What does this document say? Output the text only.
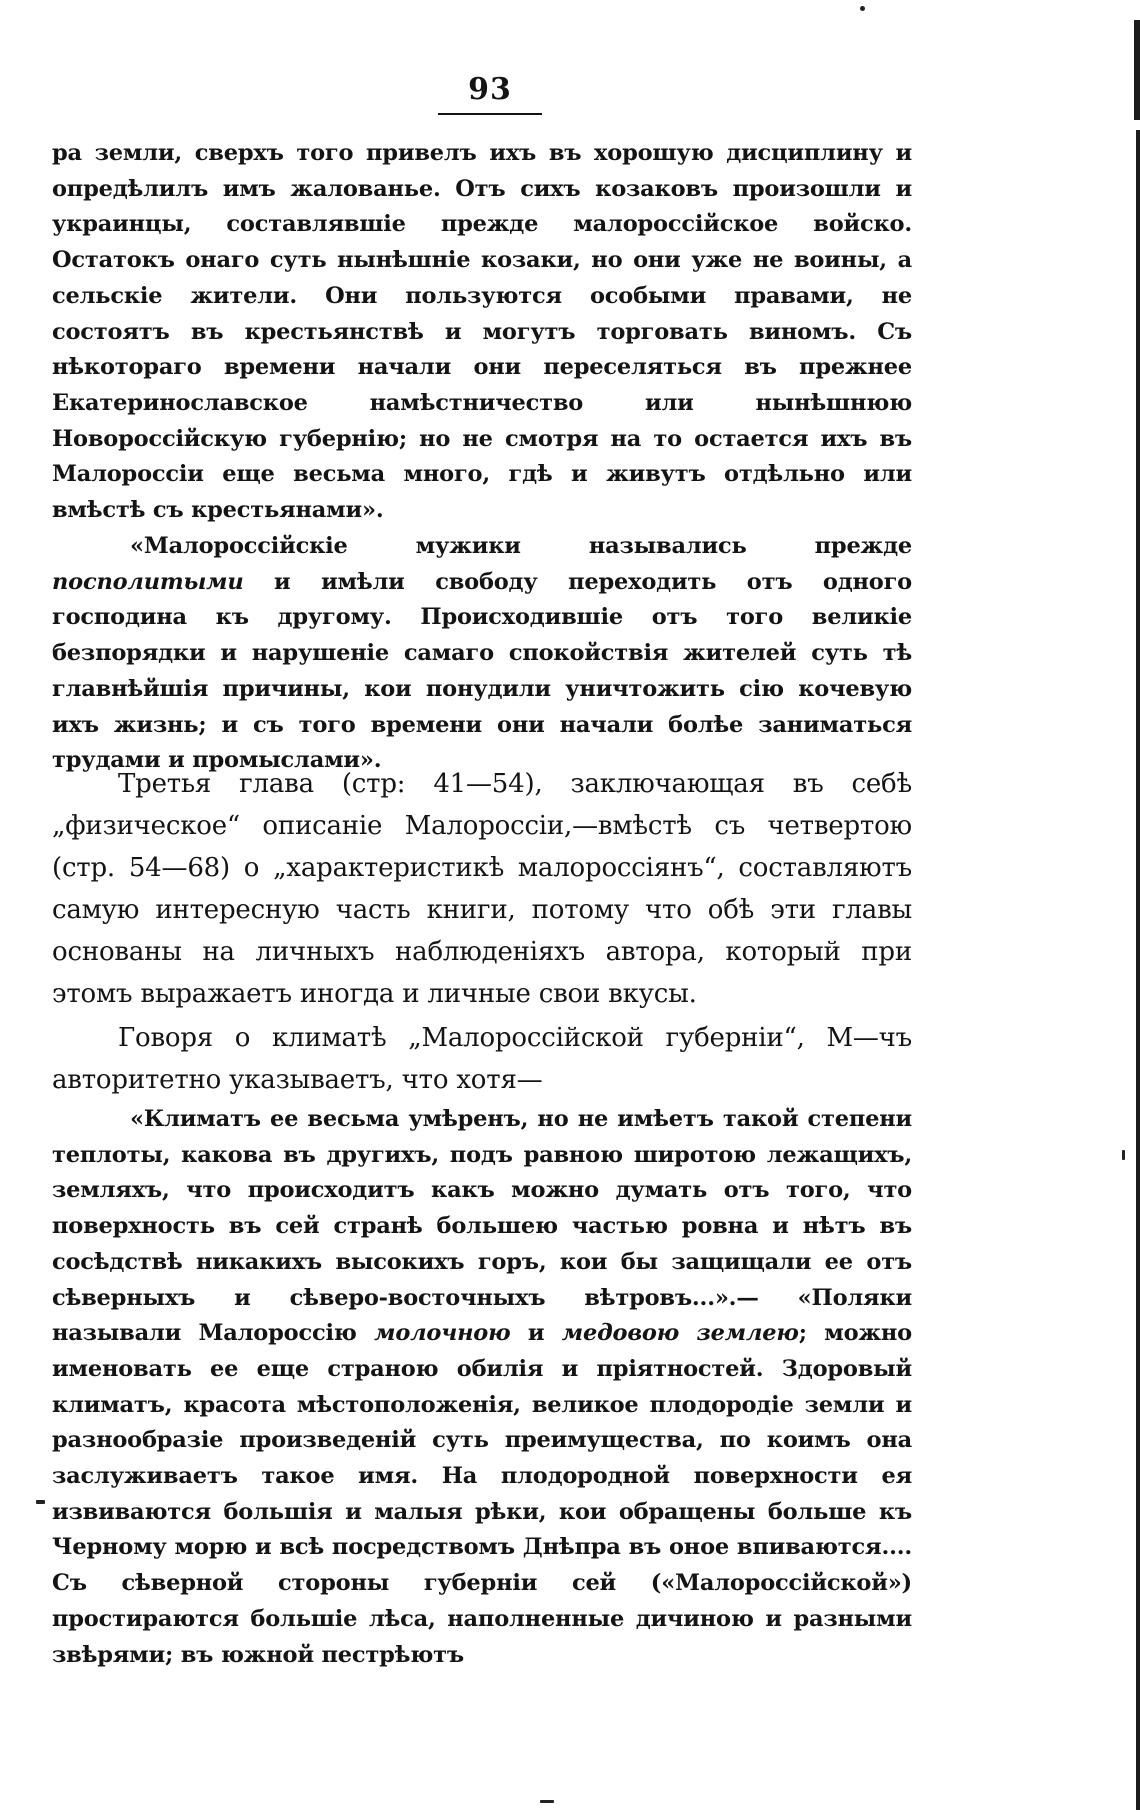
93

ра земли, сверхъ того привелъ ихъ въ хорошую дисциплину и опредѣлилъ имъ жалованье. Отъ сихъ козаковъ произошли и украинцы, составлявшіе прежде малороссійское войско. Остатокъ онаго суть нынѣшніе козаки, но они уже не воины, а сельскіе жители. Они пользуются особыми правами, не состоятъ въ крестьянствѣ и могутъ торговать виномъ. Съ нѣкотораго времени начали они переселяться въ прежнее Екатеринославское намѣстничество или нынѣшнюю Новороссійскую губернію; но не смотря на то остается ихъ въ Малороссіи еще весьма много, гдѣ и живутъ отдѣльно или вмѣстѣ съ крестьянами».

«Малороссійскіе мужики назывались прежде посполитыми и имѣли свободу переходить отъ одного господина къ другому. Происходившіе отъ того великіе безпорядки и нарушеніе самаго спокойствія жителей суть тѣ главнѣйшія причины, кои понудили уничтожить сію кочевую ихъ жизнь; и съ того времени они начали болѣе заниматься трудами и промыслами».

Третья глава (стр: 41—54), заключающая въ себѣ „физическое“ описаніе Малороссіи,—вмѣстѣ съ четвертою (стр. 54—68) о „характеристикѣ малороссіянъ“, составляютъ самую интересную часть книги, потому что обѣ эти главы основаны на личныхъ наблюденіяхъ автора, который при этомъ выражаетъ иногда и личные свои вкусы.

Говоря о климатѣ „Малороссійской губерніи“, М—чъ авторитетно указываетъ, что хотя—

«Климатъ ее весьма умѣренъ, но не имѣетъ такой степени теплоты, какова въ другихъ, подъ равною широтою лежащихъ, земляхъ, что происходитъ какъ можно думать отъ того, что поверхность въ сей странѣ большею частью ровна и нѣтъ въ сосѣдствѣ никакихъ высокихъ горъ, кои бы защищали ее отъ сѣверныхъ и сѣверо-восточныхъ вѣтровъ...».— «Поляки называли Малороссію молочною и медовою землею; можно именовать ее еще страною обилія и пріятностей. Здоровый климатъ, красота мѣстоположенія, великое плодородіе земли и разнообразіе произведеній суть преимущества, по коимъ она заслуживаетъ такое имя. На плодородной поверхности ея извиваются большія и малыя рѣки, кои обращены больше къ Черному морю и всѣ посредствомъ Днѣпра въ оное впиваются.... Съ сѣверной стороны губерніи сей («Малороссійской») простираются большіе лѣса, наполненные дичиною и разными звѣрями; въ южной пестрѣютъ
